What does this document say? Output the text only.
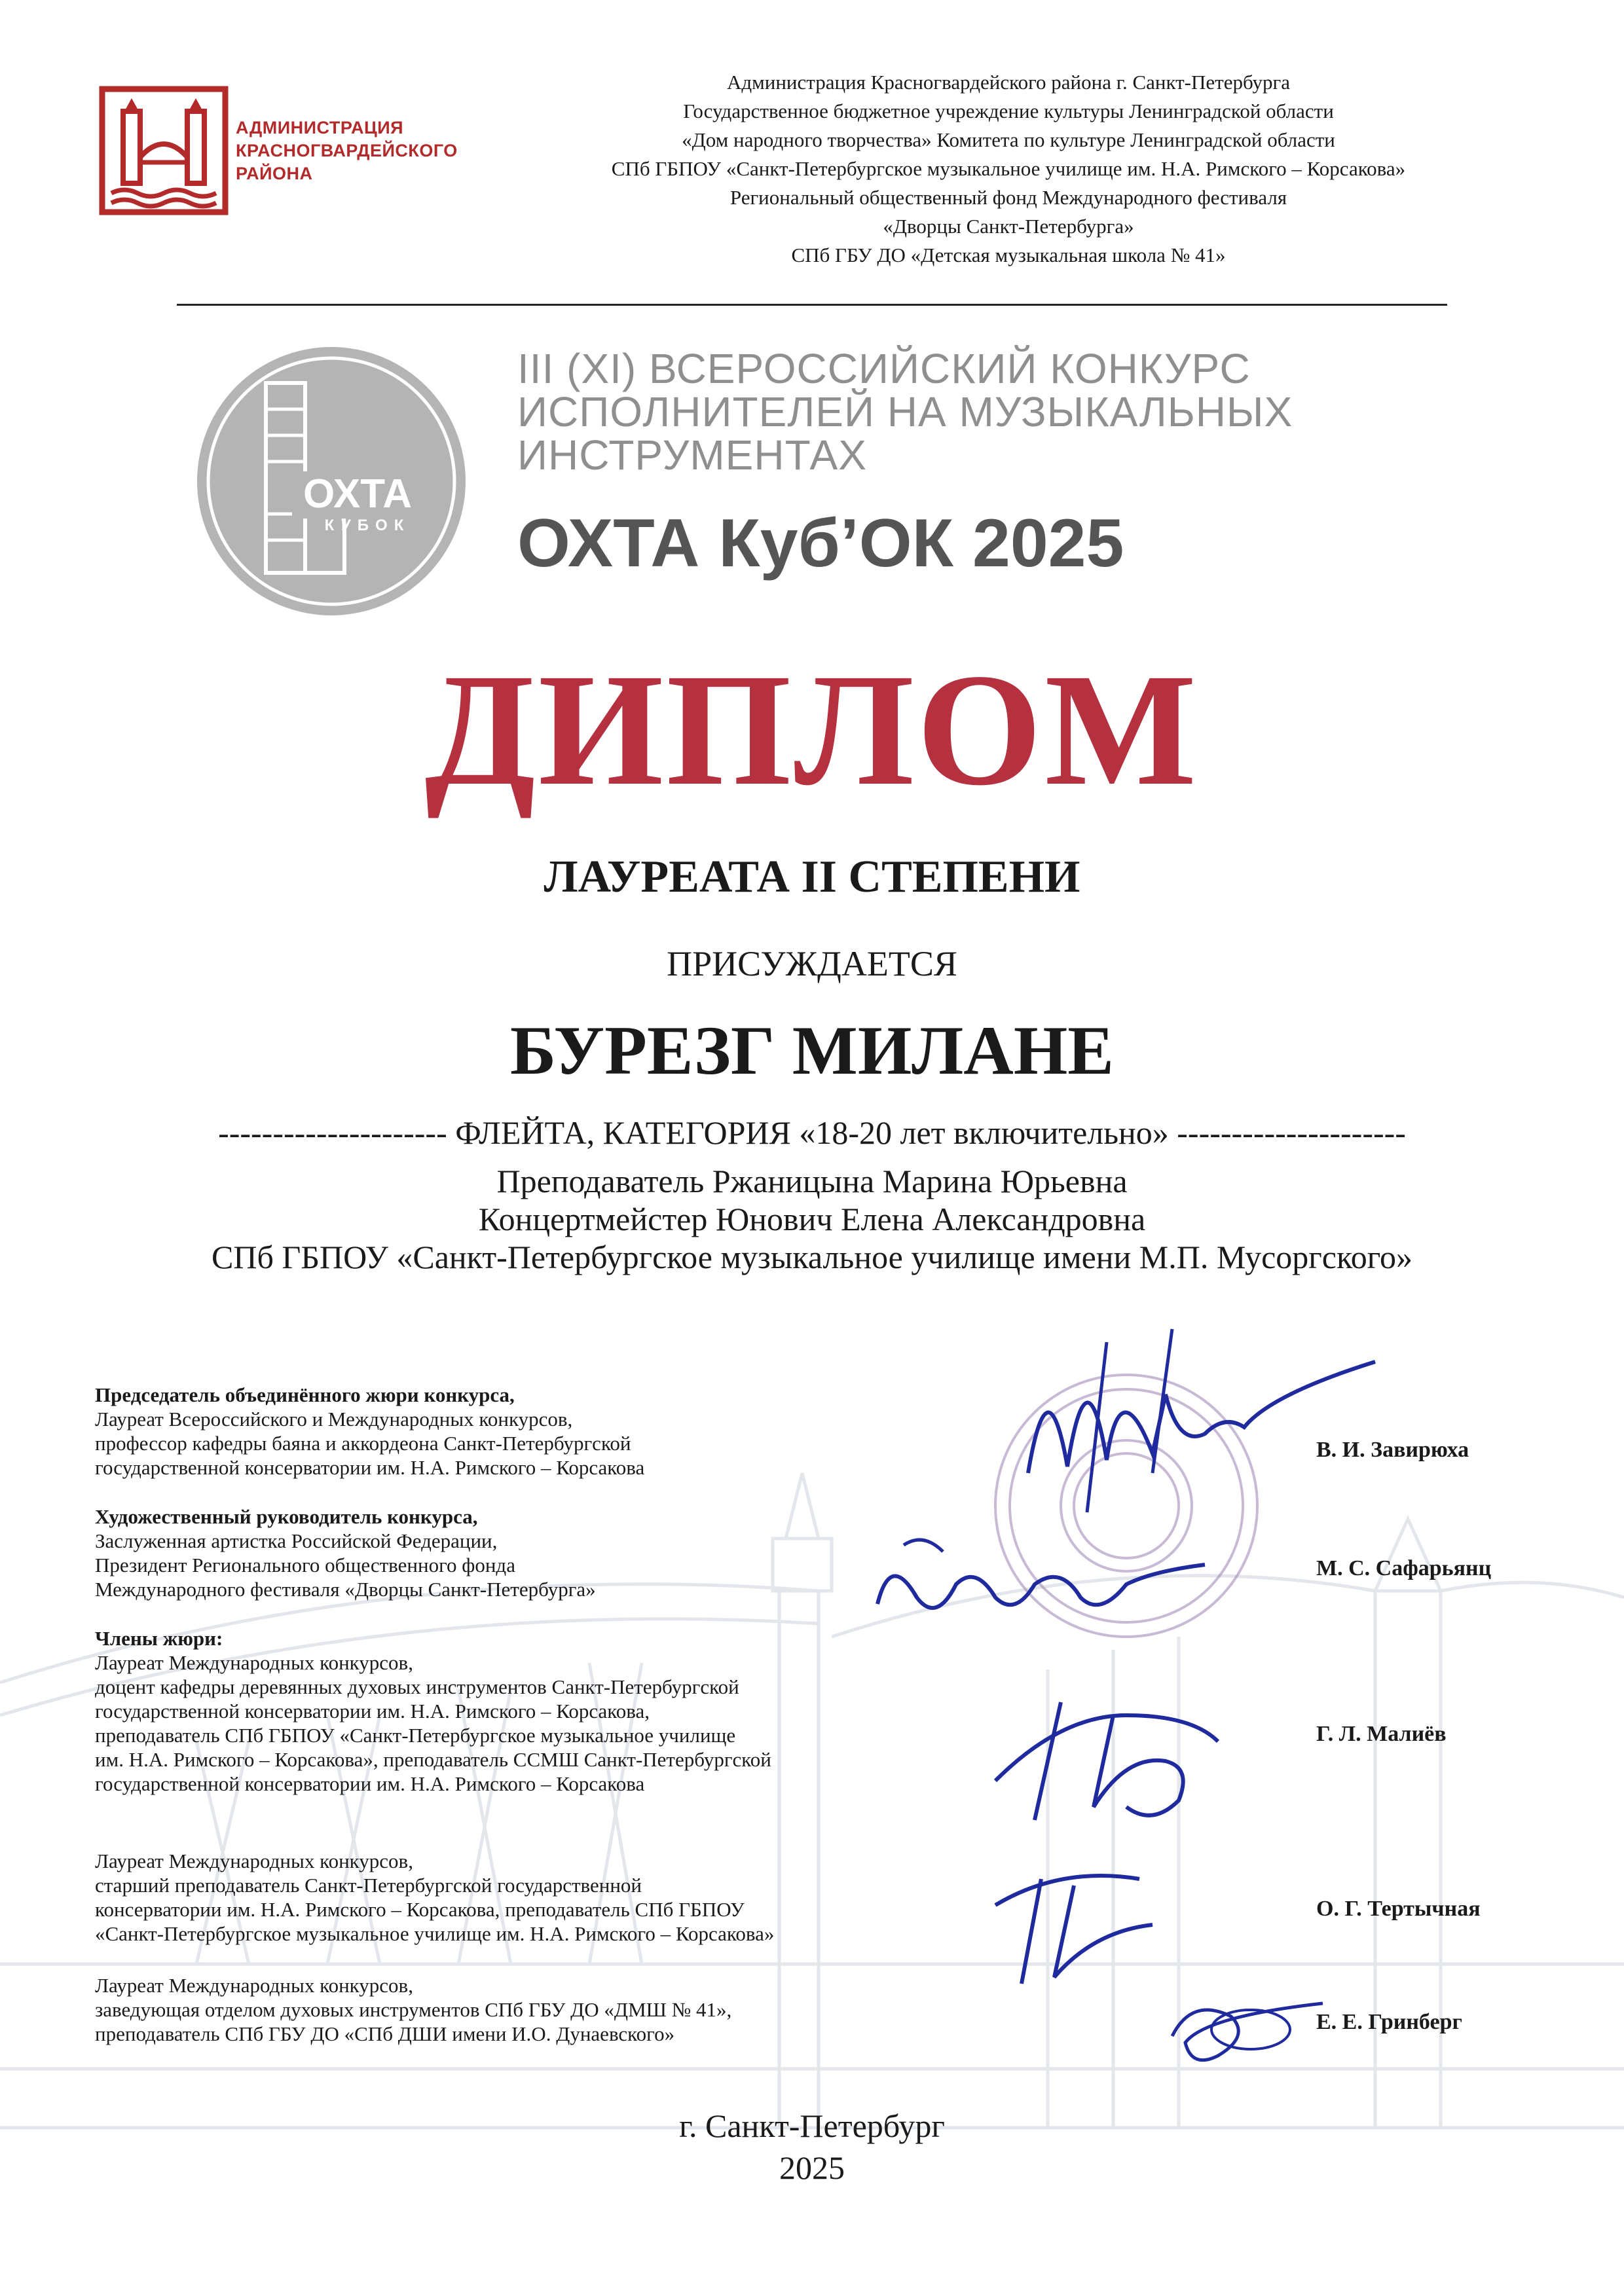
АДМИНИСТРАЦИЯ
КРАСНОГВАРДЕЙСКОГО
РАЙОНА
Администрация Красногвардейского района г. Санкт-Петербурга
Государственное бюджетное учреждение культуры Ленинградской области
«Дом народного творчества» Комитета по культуре Ленинградской области
СПб ГБПОУ «Санкт-Петербургское музыкальное училище им. Н.А. Римского – Корсакова»
Региональный общественный фонд Международного фестиваля
«Дворцы Санкт-Петербурга»
СПб ГБУ ДО «Детская музыкальная школа № 41»
ОХТА
КУБОК
III (XI) ВСЕРОССИЙСКИЙ КОНКУРС
ИСПОЛНИТЕЛЕЙ НА МУЗЫКАЛЬНЫХ
ИНСТРУМЕНТАХ
ОХТА Куб’ОК 2025
ДИПЛОМ
ЛАУРЕАТА II СТЕПЕНИ
ПРИСУЖДАЕТСЯ
БУРЕЗГ МИЛАНЕ
--------------------- ФЛЕЙТА, КАТЕГОРИЯ «18-20 лет включительно» ---------------------
Преподаватель Ржаницына Марина Юрьевна
Концертмейстер Юнович Елена Александровна
СПб ГБПОУ «Санкт-Петербургское музыкальное училище имени М.П. Мусоргского»
Председатель объединённого жюри конкурса,
Лауреат Всероссийского и Международных конкурсов,
профессор кафедры баяна и аккордеона Санкт-Петербургской
государственной консерватории им. Н.А. Римского – Корсакова
Художественный руководитель конкурса,
Заслуженная артистка Российской Федерации,
Президент Регионального общественного фонда
Международного фестиваля «Дворцы Санкт-Петербурга»
Члены жюри:
Лауреат Международных конкурсов,
доцент кафедры деревянных духовых инструментов Санкт-Петербургской
государственной консерватории им. Н.А. Римского – Корсакова,
преподаватель СПб ГБПОУ «Санкт-Петербургское музыкальное училище
им. Н.А. Римского – Корсакова», преподаватель ССМШ Санкт-Петербургской
государственной консерватории им. Н.А. Римского – Корсакова
Лауреат Международных конкурсов,
старший преподаватель Санкт-Петербургской государственной
консерватории им. Н.А. Римского – Корсакова, преподаватель СПб ГБПОУ
«Санкт-Петербургское музыкальное училище им. Н.А. Римского – Корсакова»
Лауреат Международных конкурсов,
заведующая отделом духовых инструментов СПб ГБУ ДО «ДМШ № 41»,
преподаватель СПб ГБУ ДО «СПб ДШИ имени И.О. Дунаевского»
В. И. Завирюха
М. С. Сафарьянц
Г. Л. Малиёв
О. Г. Тертычная
Е. Е. Гринберг
г. Санкт-Петербург
2025
